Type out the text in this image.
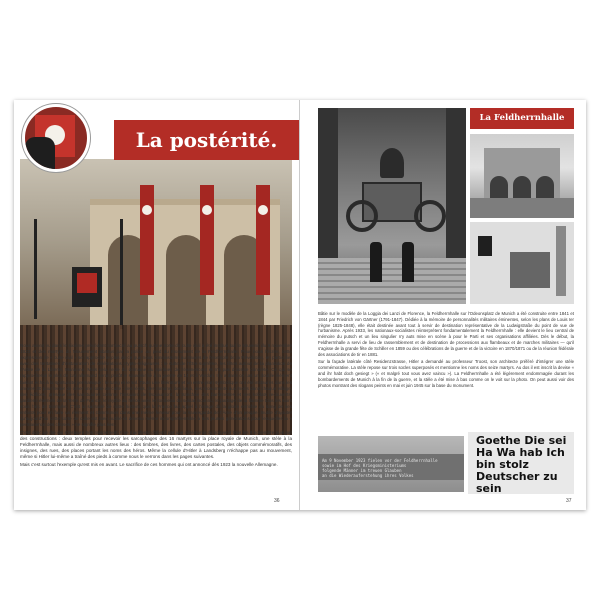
La postérité.

Nous avons vu dans le sixième précédent consacré au putsch qu'une sorte de culte civil a été institué sur le souvenir du 9 novembre 1923 et des martyrs du Mouvement abattus par la police au pied du monument de la Feldherrnhalle. Pour nous l'écrire, cette expression de « culte civil » se rapproche le plus de ce que nous connaissons au travers de l'exemple de la Révolution, en particulier avec des tentatives d'instauration de célébrations crypto-religieuses : le culte de l'Être suprême, les fêtes autour de la plantation de l'Arbre de la Liberté, Marianne. Mais cela reste du domaine du spirituel, de l'évanescent et n'a pas d'assise concrète. Ce qui se rapprocherait le plus de cas allemand serait plutôt le souvenir lié à la guerre de 14 et à Verdun. Il y a dans ce cas un double élément faisant écho à la spiritualité germanique : le sang et le sol. Toute une littérature et un entre-plan symbolique ont été instaurés dans les années 20 pour tenter de créer une sorte de culte : des récits, des romans, des lieux, des monuments aux morts dans chaque village, des édifices, presque des sanctuaires comme l'ossuaire de Douaumont, la tranchée des baïonnettes et ses soldats recouverts, gardiens éternels de la Terre de France, le mythe du héros avec le tombeau du soldat inconnu, le partage de la flamme tous les soirs sous l'arc de triomphe. C'est la sacralité de notre histoire que la France fait appel à l'image de la gloire enrichie du sang de ses enfants pour en faire un élément et communier dans une même ferveur pour la sauvegarde de l'Âme d'un peuple. Inutile d'ajouter qu'aujourd'hui cette sorte de culte est bien oublié et devenu même incompréhensible à nos jeunes générations pour lesquelles la « permanence des choses » ne signifie plus rien.

C'est donc un rite qui s'instaure très rapidement. Il se manifeste d'abord par une cérémonie du souvenir tous les 9 novembre puis par des constructions : deux temples pour recevoir les sarcophages des 16 martyrs sur la place royale de Munich, une stèle à la Feldherrnhalle, mais aussi de nombreux autres lieux : des timbres, des livres, des cartes postales, des objets commémoratifs, des insignes, des rues, des places portant les noms des héros. Même la cellule d'Hitler à Landsberg n'échappe pas au mouvement, même si Hitler lui-même a traîné des pieds à comme nous le verrons dans les pages suivantes.

Mais c'est surtout l'exemple qu'est mis en avant. Le sacrifice de ces hommes qui ont annoncé dès 1923 la nouvelle Allemagne.

36
La Feldherrnhalle

Bâtie sur le modèle de la Loggia dei Lanzi de Florence, la Feldherrnhalle sur l'Odeonsplatz de Munich a été construite entre 1841 et 1844 par Friedrich von Gärtner (1791-1847). Dédiée à la mémoire de personnalités militaires éminentes, selon les plans de Louis Ier (règne 1825-1848), elle était destinée avant tout à servir de destination représentative de la Ludwigstraße du point de vue de l'urbanisme. Après 1933, les nationaux-socialistes réinterprétent fondamentalement la Feldherrnhalle : elle devient le lieu central de mémoire du putsch et un lieu singulier n'y auts mise en scène à pour le Parti et ses organisations affiliées. Dès le début, la Feldherrnhalle a servi de lieu de rassemblement et de destination de processions aux flambeaux et de marches militaires — qu'il s'agisse de la grande fête de Schiller en 1859 ou des célébrations de la guerre et de la victoire en 1870/1871 ou de la réunion fédérale des associations de tir en 1881.

Sur la façade latérale côté Residenzstrasse, Hitler a demandé au professeur Troost, son architecte préféré d'intégrer une stèle commémorative. La stèle repose sur trois socles superposés et mentionne les noms des seize martyrs. Au dos il est inscrit la devise « and ihr habt doch gesiegt » (« et malgré tout vous avez vaincu »). La Feldherrnhalle a été légèrement endommagée durant les bombardements de Munich à la fin de la guerre, et la stèle a été mise à bas comme on le voit sur la photo. On peut aussi voir des photos montrant des slogans peints en mai et juin 1945 sur la base du monument.

Am 9 November 1923 fielen vor der Feldherrnhalle
sowie im Hof des Kriegsministeriums
folgende Männer im treuen Glauben
an die Wiederauferstehung ihres Volkes

Goethe Die sei Ha Wa hab Ich bin stolz Deutscher zu sein

37
